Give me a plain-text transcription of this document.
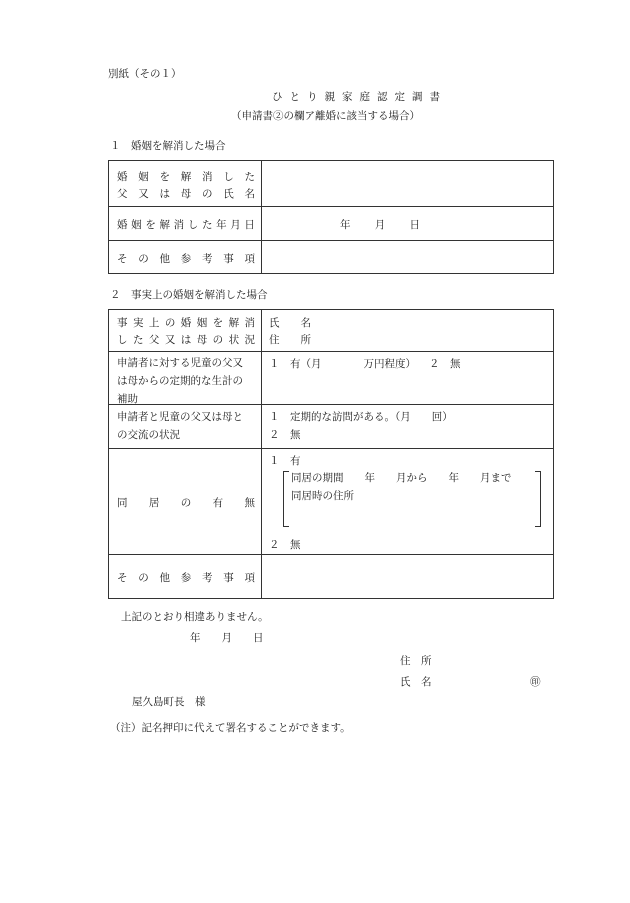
別紙（その１）
ひとり親家庭認定調書
（申請書②の欄ア離婚に該当する場合）
１　婚姻を解消した場合
婚 姻 を 解 消 し た
父 又 は 母 の 氏 名
婚 姻 を 解 消 し た 年 月 日	年 月 日
そ の 他 参 考 事 項
２　事実上の婚姻を解消した場合
事 実 上 の 婚 姻 を 解 消
し た 父 又 は 母 の 状 況
氏　　名
住　　所
申請者に対する児童の父又
は母からの定期的な生計の
補助
１　有（月　　　　万円程度） ２　無
申請者と児童の父又は母と
の交流の状況
１　定期的な訪問がある。（月　　回）
２　無
同 居 の 有 無
１　有
同居の期間　　年　　月から　　年　　月まで
同居時の住所
２　無
そ の 他 参 考 事 項
上記のとおり相違ありません。
年　　月　　日
住　所
氏　名	㊞
屋久島町長　様
（注）記名押印に代えて署名することができます。
